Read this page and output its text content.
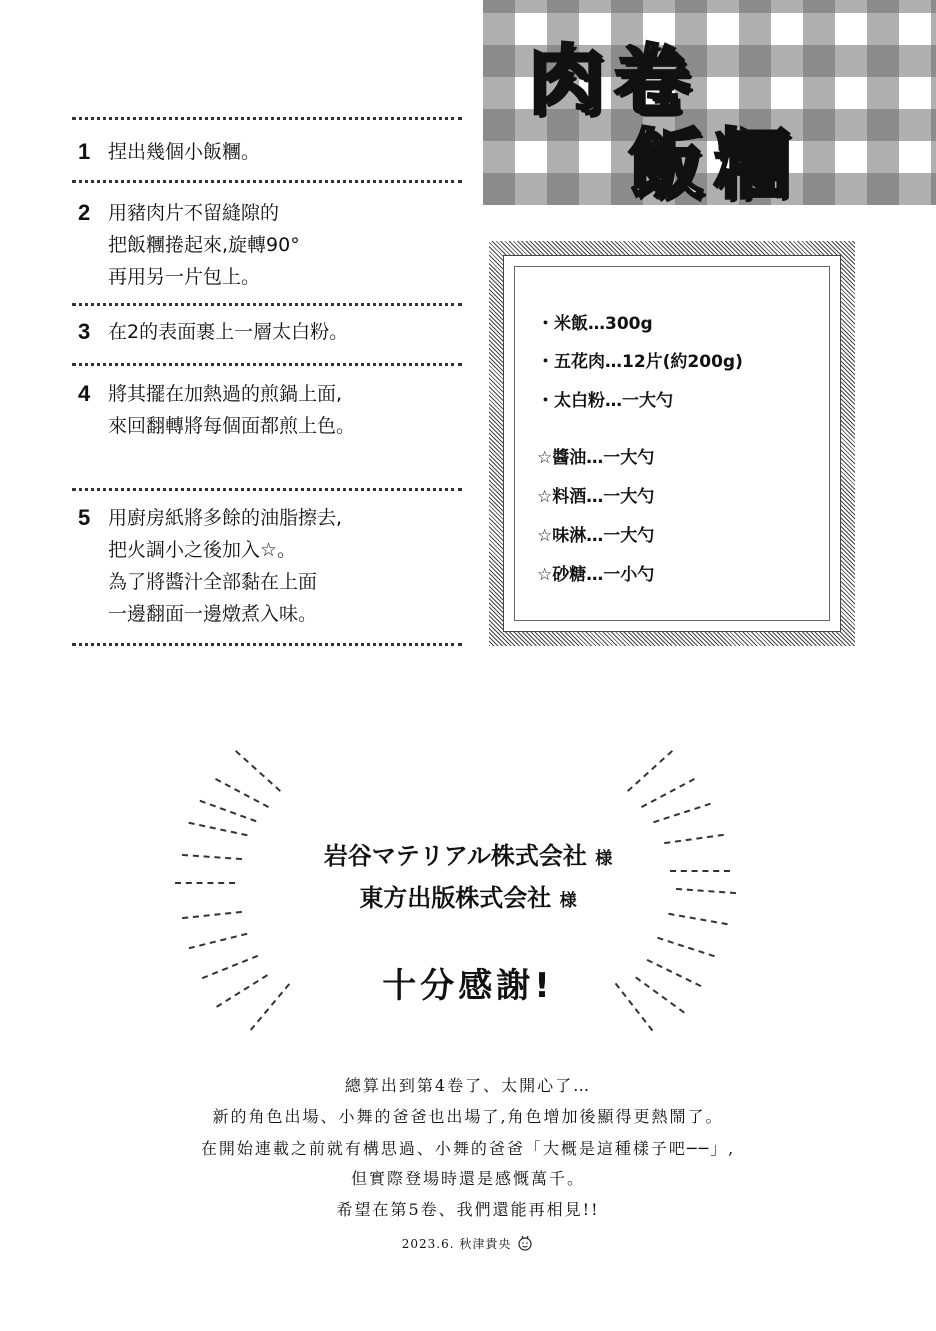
肉卷
飯糰
1 捏出幾個小飯糰。
2 用豬肉片不留縫隙的
把飯糰捲起來,旋轉90°
再用另一片包上。
3 在2的表面裹上一層太白粉。
4 將其擺在加熱過的煎鍋上面,
來回翻轉將每個面都煎上色。
5 用廚房紙將多餘的油脂擦去,
把火調小之後加入☆。
為了將醬汁全部黏在上面
一邊翻面一邊燉煮入味。
・米飯…300g
・五花肉…12片(約200g)
・太白粉…一大勺
☆醬油…一大勺
☆料酒…一大勺
☆味淋…一大勺
☆砂糖…一小勺
岩谷マテリアル株式会社 様
東方出版株式会社 様
十分感謝!
總算出到第4卷了、太開心了…
新的角色出場、小舞的爸爸也出場了,角色增加後顯得更熱鬧了。
在開始連載之前就有構思過、小舞的爸爸「大概是這種樣子吧──」,
但實際登場時還是感慨萬千。
希望在第5卷、我們還能再相見!!
2023.6. 秋津貴央
